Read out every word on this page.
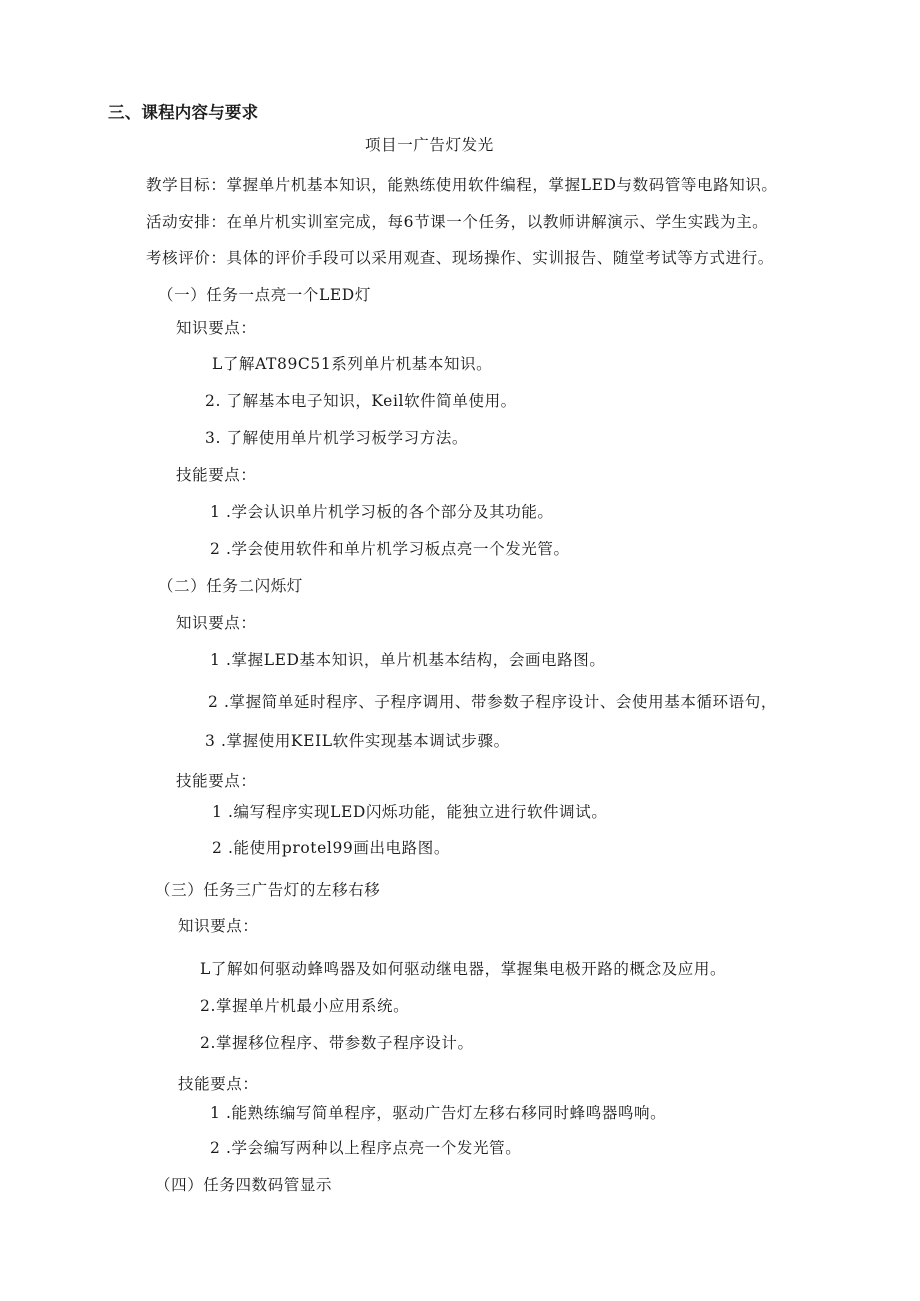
三、课程内容与要求

项目一广告灯发光

教学目标：掌握单片机基本知识，能熟练使用软件编程，掌握LED与数码管等电路知识。

活动安排：在单片机实训室完成，每6节课一个任务，以教师讲解演示、学生实践为主。

考核评价：具体的评价手段可以采用观查、现场操作、实训报告、随堂考试等方式进行。

（一）任务一点亮一个LED灯

知识要点：

L了解AT89C51系列单片机基本知识。

2. 了解基本电子知识，Keil软件简单使用。

3. 了解使用单片机学习板学习方法。

技能要点：

1 .学会认识单片机学习板的各个部分及其功能。

2 .学会使用软件和单片机学习板点亮一个发光管。

（二）任务二闪烁灯

知识要点：

1 .掌握LED基本知识，单片机基本结构，会画电路图。

2 .掌握简单延时程序、子程序调用、带参数子程序设计、会使用基本循环语句，

3 .掌握使用KEIL软件实现基本调试步骤。

技能要点：

1 .编写程序实现LED闪烁功能，能独立进行软件调试。

2 .能使用protel99画出电路图。

（三）任务三广告灯的左移右移

知识要点：

L了解如何驱动蜂鸣器及如何驱动继电器，掌握集电极开路的概念及应用。

2.掌握单片机最小应用系统。

2.掌握移位程序、带参数子程序设计。

技能要点：

1 .能熟练编写简单程序，驱动广告灯左移右移同时蜂鸣器鸣响。

2 .学会编写两种以上程序点亮一个发光管。

（四）任务四数码管显示
